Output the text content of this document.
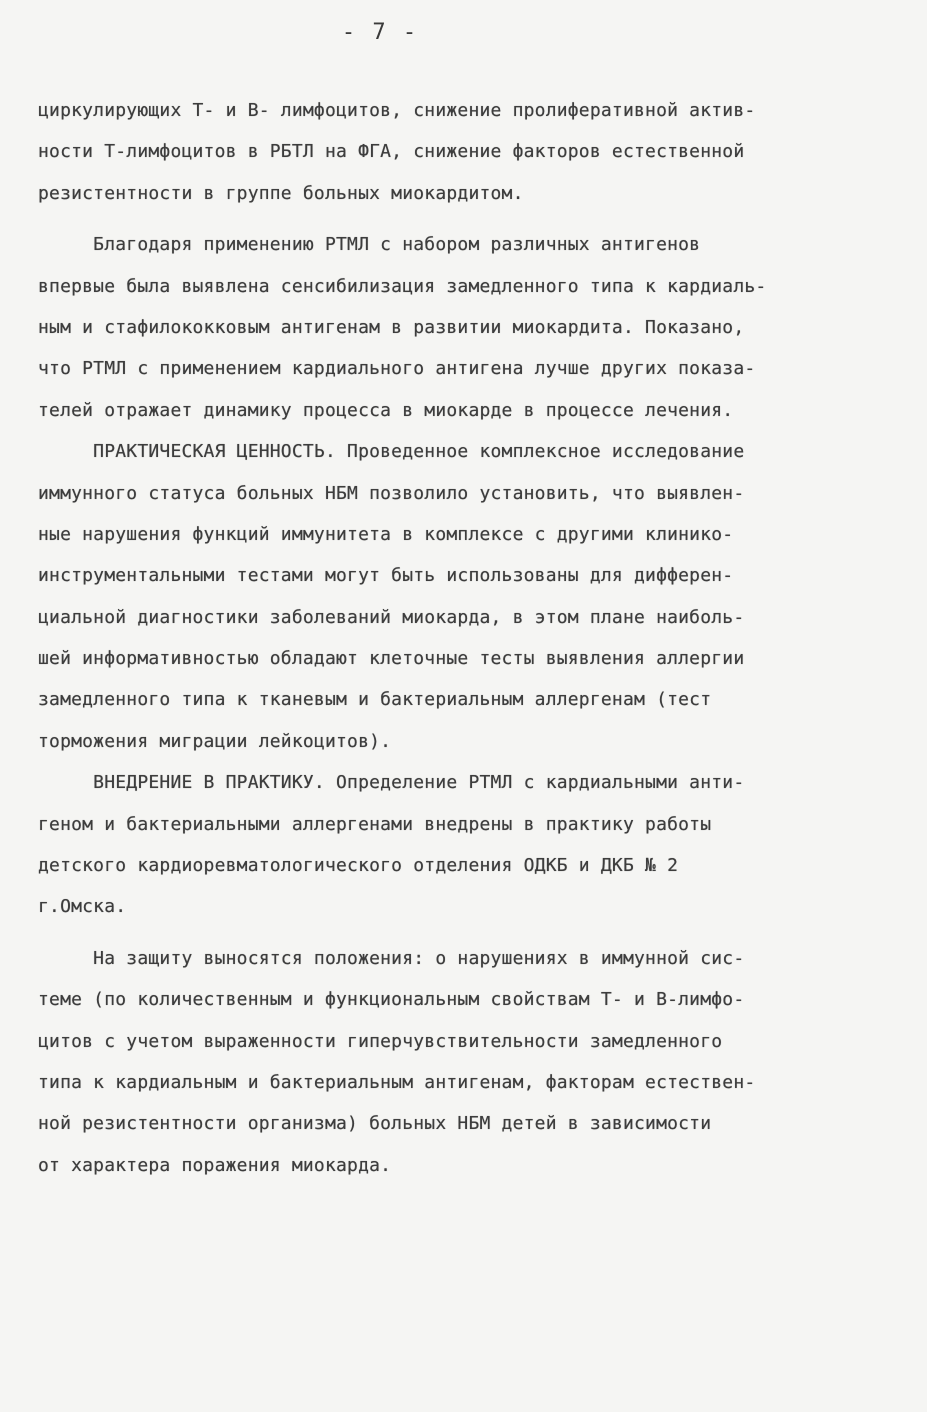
- 7 -
циркулирующих Т- и В- лимфоцитов, снижение пролиферативной актив-
ности Т-лимфоцитов в РБТЛ на ФГА, снижение факторов естественной
резистентности в группе больных миокардитом.
Благодаря применению РТМЛ с набором различных антигенов
впервые была выявлена сенсибилизация замедленного типа к кардиаль-
ным и стафилококковым антигенам в развитии миокардита. Показано,
что РТМЛ с применением кардиального антигена лучше других показа-
телей отражает динамику процесса в миокарде в процессе лечения.
ПРАКТИЧЕСКАЯ ЦЕННОСТЬ. Проведенное комплексное исследование
иммунного статуса больных НБМ позволило установить, что выявлен-
ные нарушения функций иммунитета в комплексе с другими клинико-
инструментальными тестами могут быть использованы для дифферен-
циальной диагностики заболеваний миокарда, в этом плане наиболь-
шей информативностью обладают клеточные тесты выявления аллергии
замедленного типа к тканевым и бактериальным аллергенам (тест
торможения миграции лейкоцитов).
ВНЕДРЕНИЕ В ПРАКТИКУ. Определение РТМЛ с кардиальными анти-
геном и бактериальными аллергенами внедрены в практику работы
детского кардиоревматологического отделения ОДКБ и ДКБ № 2
г.Омска.
На защиту выносятся положения: о нарушениях в иммунной сис-
теме (по количественным и функциональным свойствам Т- и В-лимфо-
цитов с учетом выраженности гиперчувствительности замедленного
типа к кардиальным и бактериальным антигенам, факторам естествен-
ной резистентности организма) больных НБМ детей в зависимости
от характера поражения миокарда.
